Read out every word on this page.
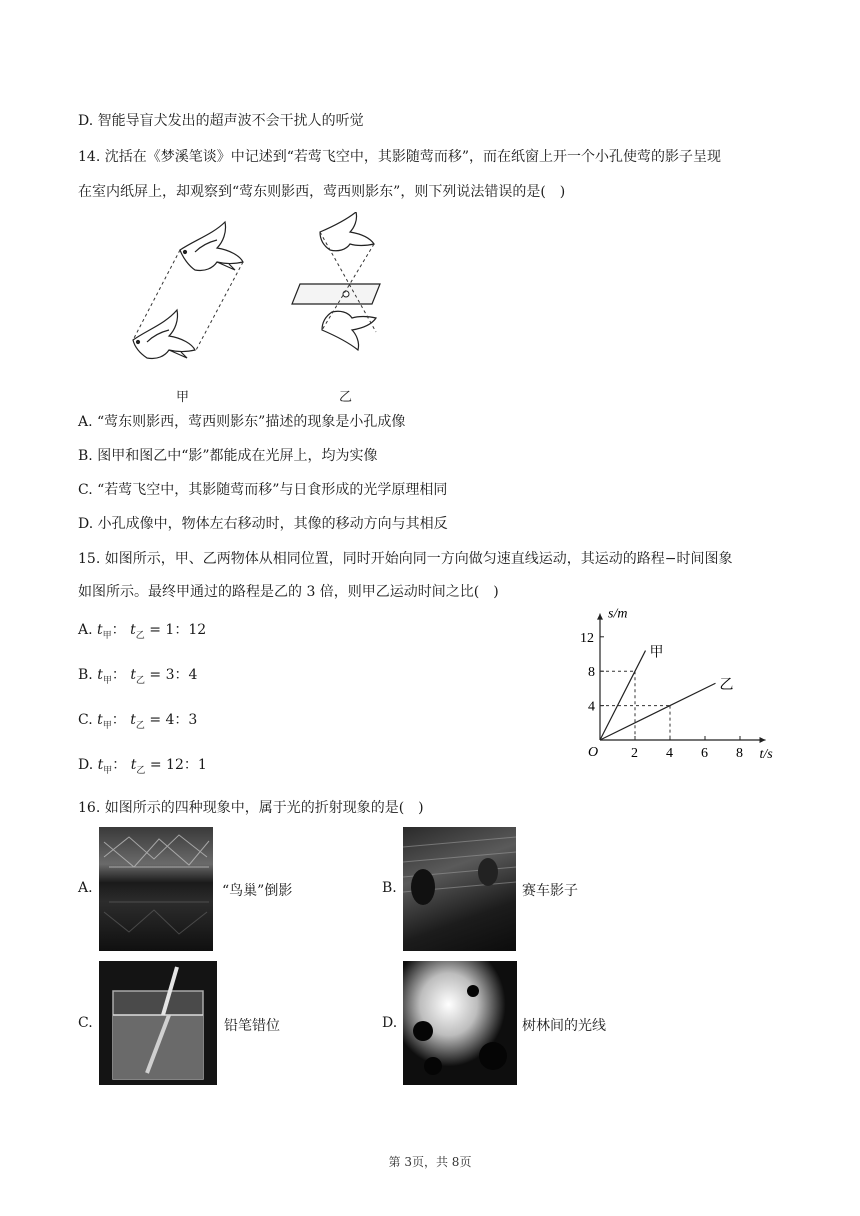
D. 智能导盲犬发出的超声波不会干扰人的听觉
14. 沈括在《梦溪笔谈》中记述到“若莺飞空中，其影随莺而移”，而在纸窗上开一个小孔使莺的影子呈现
在室内纸屏上，却观察到“莺东则影西，莺西则影东”，则下列说法错误的是(　)
甲	乙
A. “莺东则影西，莺西则影东”描述的现象是小孔成像
B. 图甲和图乙中“影”都能成在光屏上，均为实像
C. “若莺飞空中，其影随莺而移”与日食形成的光学原理相同
D. 小孔成像中，物体左右移动时，其像的移动方向与其相反
15. 如图所示，甲、乙两物体从相同位置，同时开始向同一方向做匀速直线运动，其运动的路程−时间图象
如图所示。最终甲通过的路程是乙的 3 倍，则甲乙运动时间之比(　)
A. $t_甲$： $t_乙 = 1$：12
B. $t_甲$： $t_乙 = 3$：4
C. $t_甲$： $t_乙 = 4$：3
D. $t_甲$： $t_乙 = 12$：1
s/m
t/s
O 2 4 6 8
4
8
12
甲
乙
16. 如图所示的四种现象中，属于光的折射现象的是(　)
A.	“鸟巢”倒影	B.	赛车影子
C.	铅笔错位	D.	树林间的光线
第 3页，共 8页
